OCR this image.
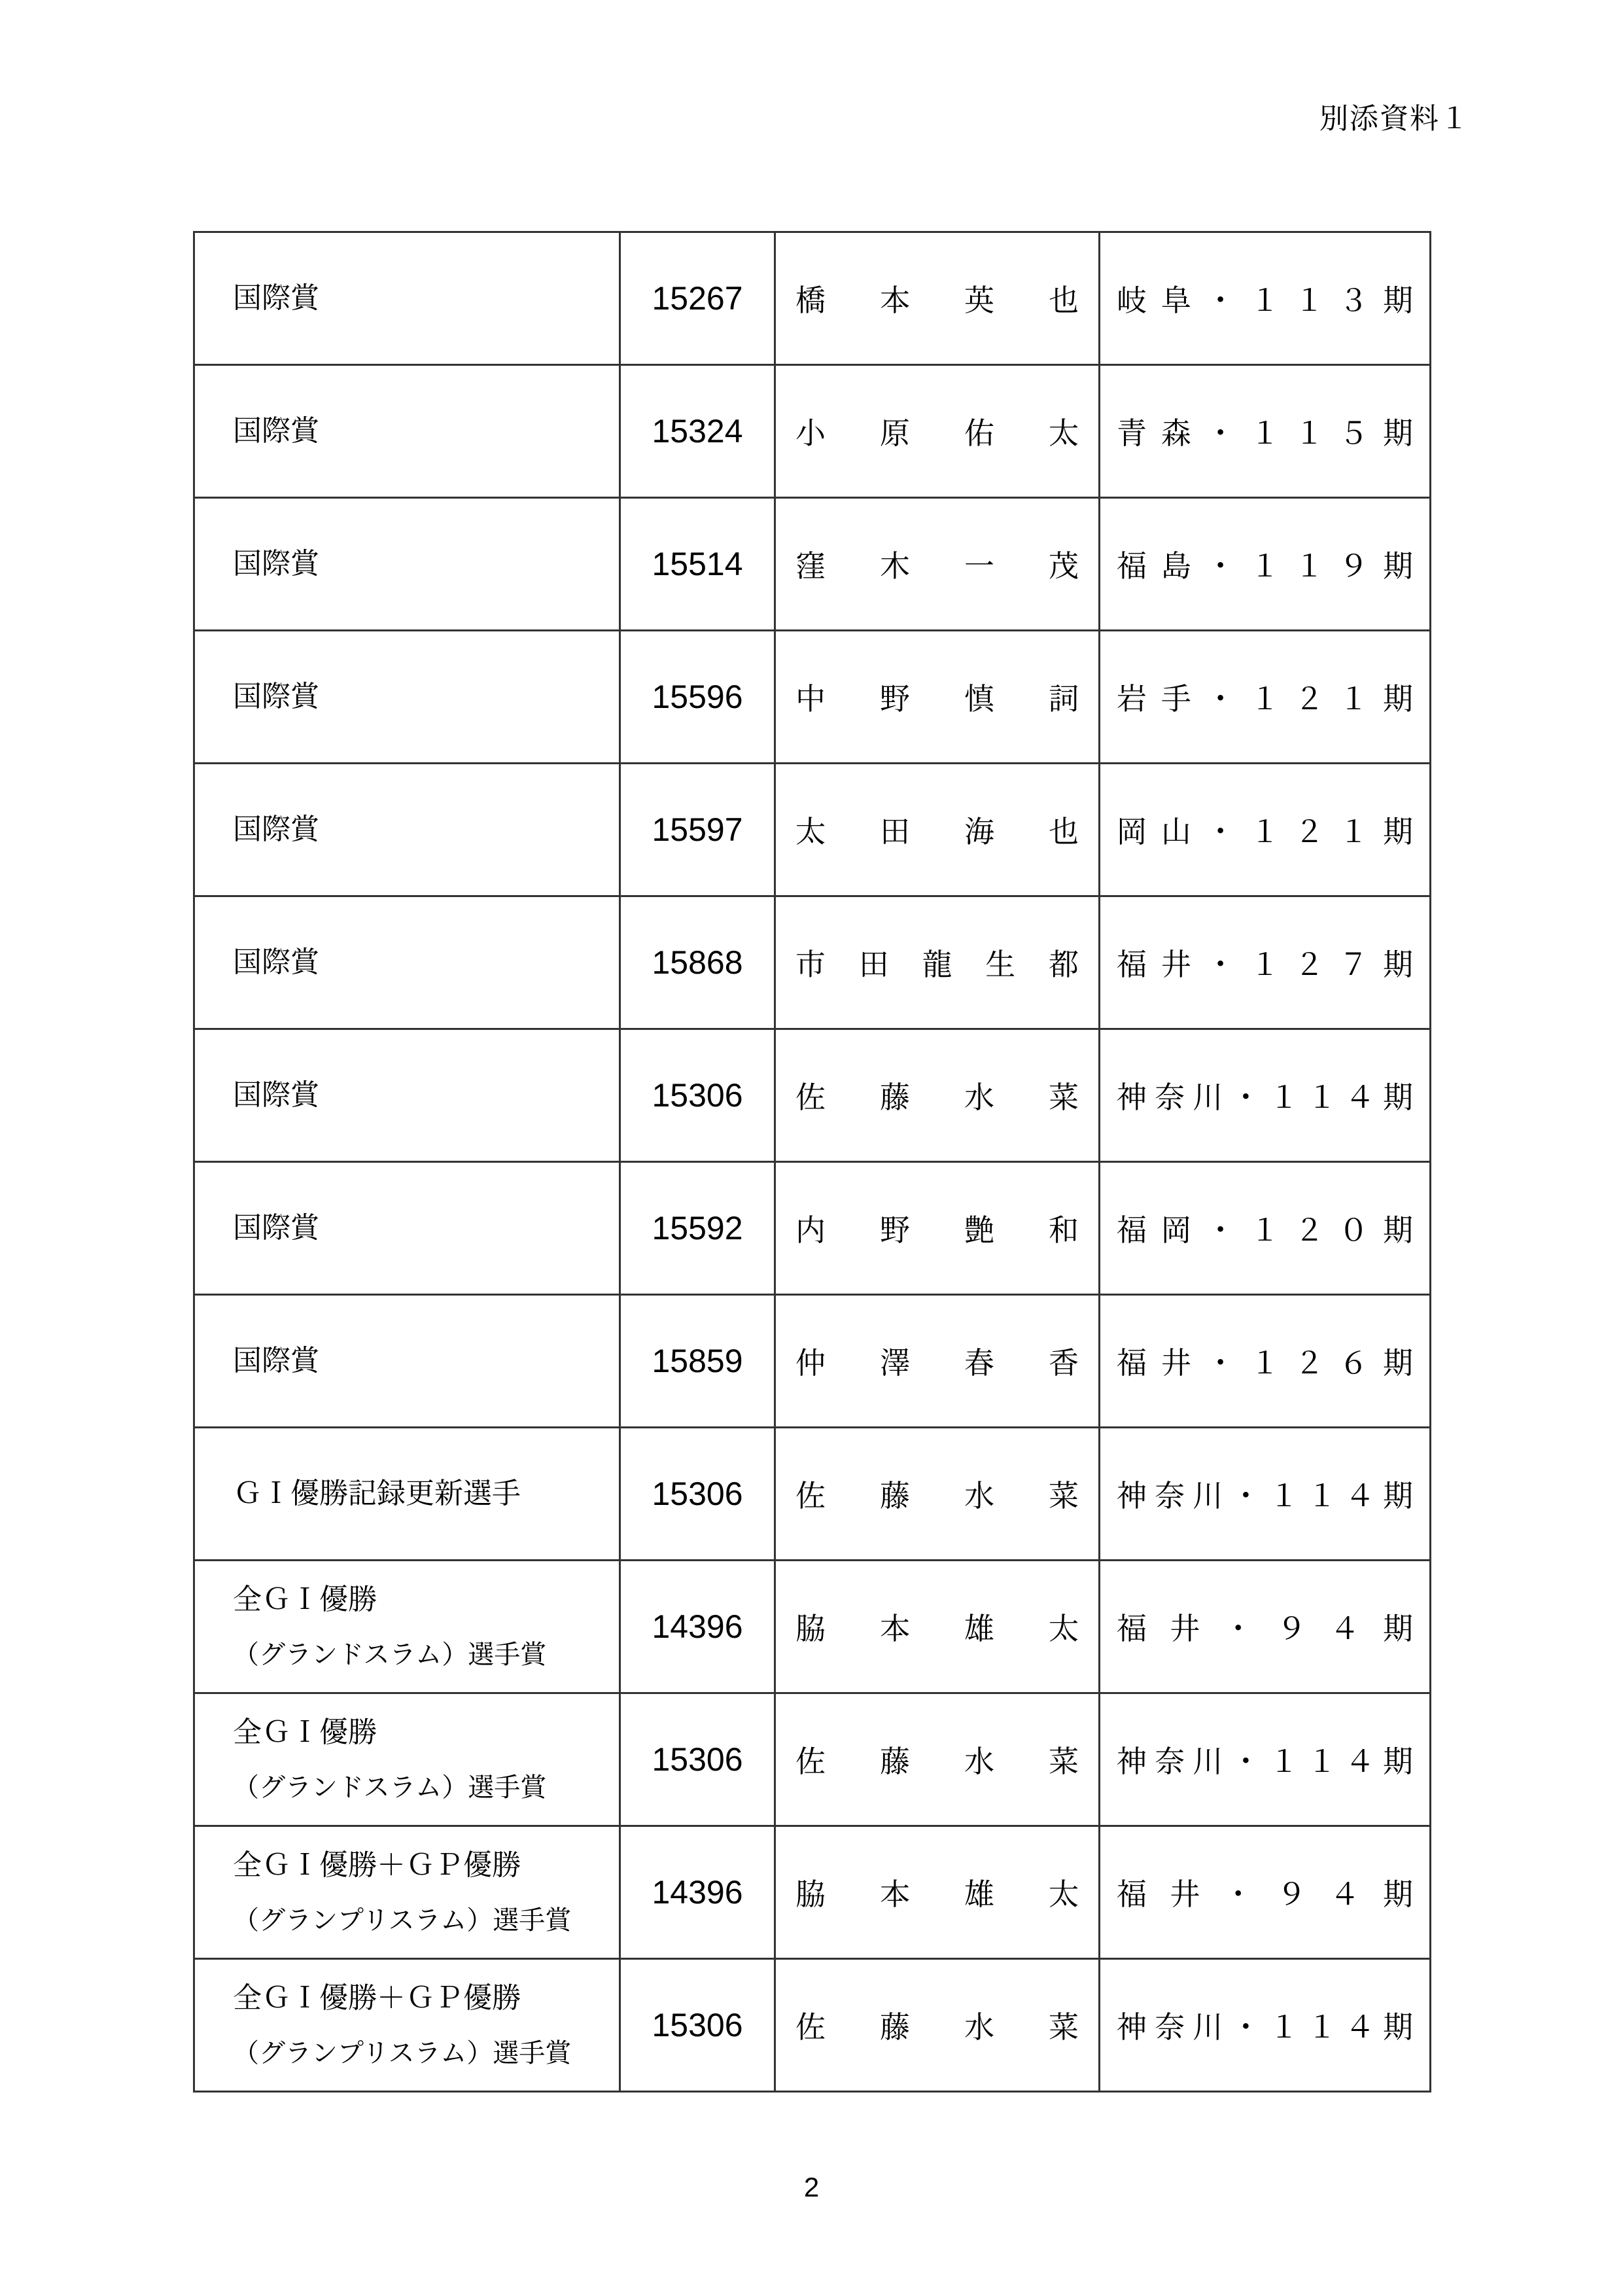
別添資料１
国際賞	15267	橋本英也	岐阜・１１３期

国際賞	15324	小原佑太	青森・１１５期

国際賞	15514	窪木一茂	福島・１１９期

国際賞	15596	中野慎詞	岩手・１２１期

国際賞	15597	太田海也	岡山・１２１期

国際賞	15868	市田龍生都	福井・１２７期

国際賞	15306	佐藤水菜	神奈川・１１４期

国際賞	15592	内野艶和	福岡・１２０期

国際賞	15859	仲澤春香	福井・１２６期

ＧＩ優勝記録更新選手	15306	佐藤水菜	神奈川・１１４期

全ＧＩ優勝
（グランドスラム）選手賞	14396	脇本雄太	福井・９４期

全ＧＩ優勝
（グランドスラム）選手賞	15306	佐藤水菜	神奈川・１１４期

全ＧＩ優勝＋ＧＰ優勝
（グランプリスラム）選手賞	14396	脇本雄太	福井・９４期

全ＧＩ優勝＋ＧＰ優勝
（グランプリスラム）選手賞	15306	佐藤水菜	神奈川・１１４期
2
